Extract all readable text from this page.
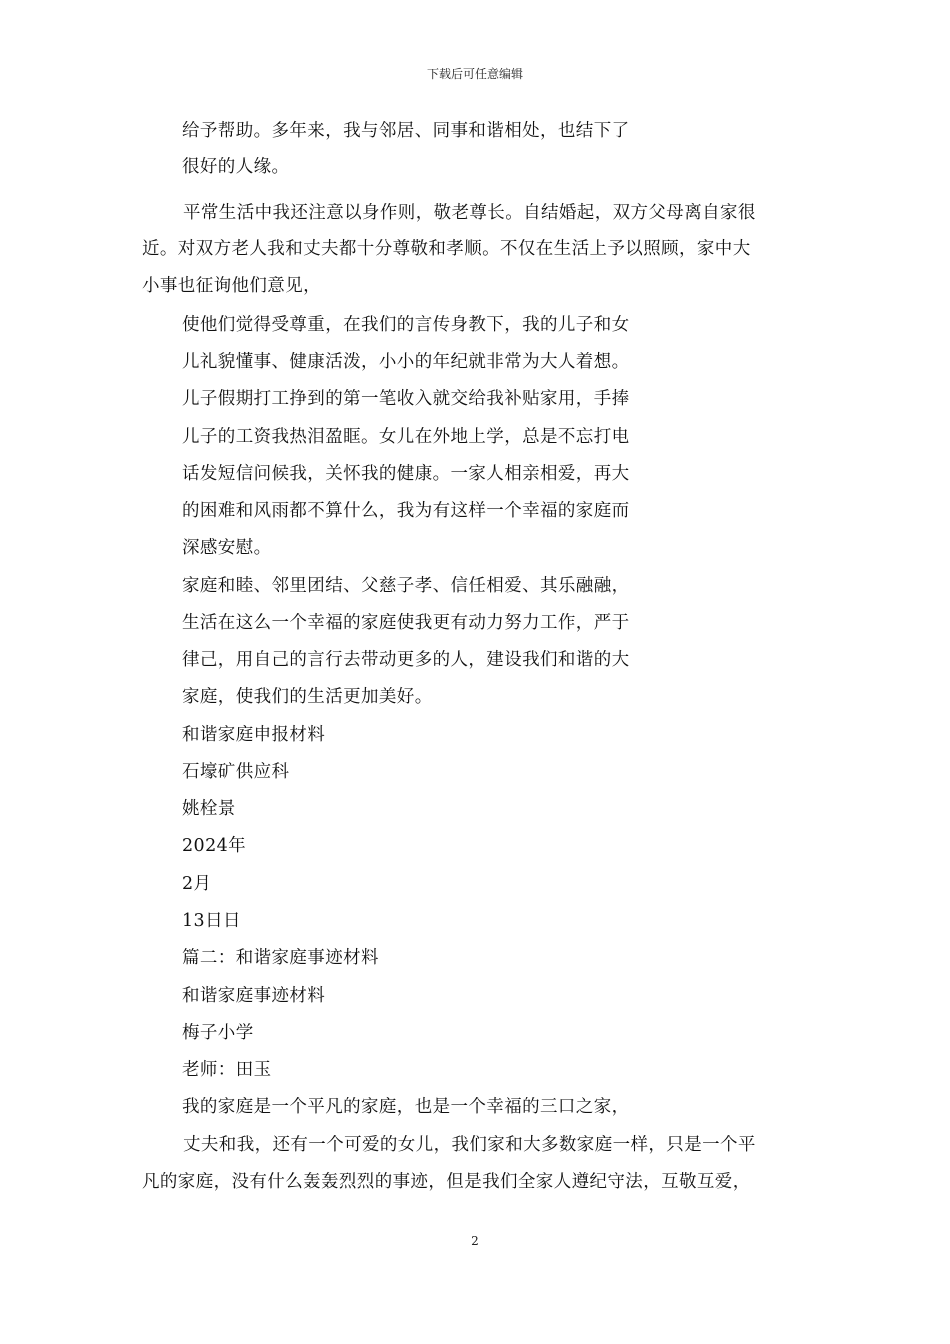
下载后可任意编辑
给予帮助。多年来，我与邻居、同事和谐相处，也结下了
很好的人缘。
平常生活中我还注意以身作则，敬老尊长。自结婚起，双方父母离自家很
近。对双方老人我和丈夫都十分尊敬和孝顺。不仅在生活上予以照顾，家中大
小事也征询他们意见，
使他们觉得受尊重，在我们的言传身教下，我的儿子和女
儿礼貌懂事、健康活泼，小小的年纪就非常为大人着想。
儿子假期打工挣到的第一笔收入就交给我补贴家用，手捧
儿子的工资我热泪盈眶。女儿在外地上学，总是不忘打电
话发短信问候我，关怀我的健康。一家人相亲相爱，再大
的困难和风雨都不算什么，我为有这样一个幸福的家庭而
深感安慰。
家庭和睦、邻里团结、父慈子孝、信任相爱、其乐融融，
生活在这么一个幸福的家庭使我更有动力努力工作，严于
律己，用自己的言行去带动更多的人，建设我们和谐的大
家庭，使我们的生活更加美好。
和谐家庭申报材料
石壕矿供应科
姚栓景
2024年
2月
13日日
篇二：和谐家庭事迹材料
和谐家庭事迹材料
梅子小学
老师：田玉
我的家庭是一个平凡的家庭，也是一个幸福的三口之家，
丈夫和我，还有一个可爱的女儿，我们家和大多数家庭一样，只是一个平
凡的家庭，没有什么轰轰烈烈的事迹，但是我们全家人遵纪守法，互敬互爱，
2
